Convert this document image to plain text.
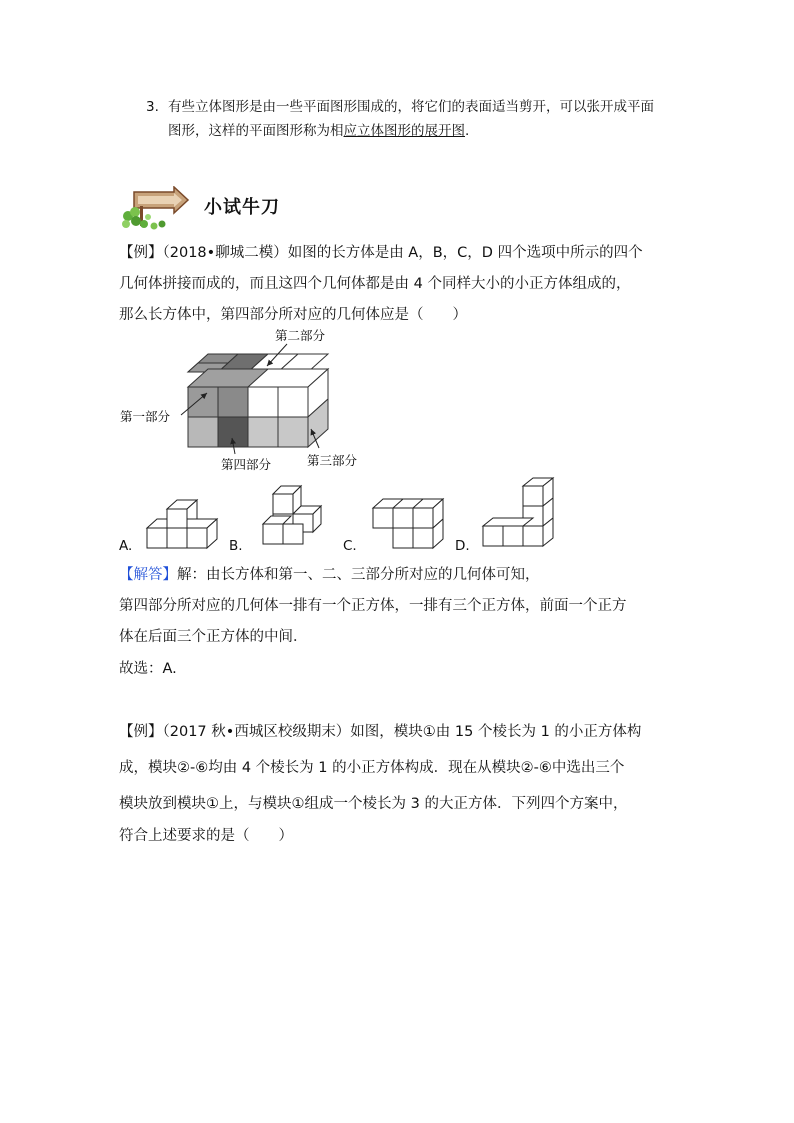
3. 有些立体图形是由一些平面图形围成的，将它们的表面适当剪开，可以张开成平面
图形，这样的平面图形称为相应立体图形的展开图.
小试牛刀
【例】（2018•聊城二模）如图的长方体是由 A，B，C，D 四个选项中所示的四个
几何体拼接而成的，而且这四个几何体都是由 4 个同样大小的小正方体组成的，
那么长方体中，第四部分所对应的几何体应是（　　）
第二部分
第一部分
第三部分
第四部分
A.	B.	C.	D.
【解答】解：由长方体和第一、二、三部分所对应的几何体可知，
第四部分所对应的几何体一排有一个正方体，一排有三个正方体，前面一个正方
体在后面三个正方体的中间．
故选：A.
【例】（2017 秋•西城区校级期末）如图，模块①由 15 个棱长为 1 的小正方体构
成，模块②-⑥均由 4 个棱长为 1 的小正方体构成．现在从模块②-⑥中选出三个
模块放到模块①上，与模块①组成一个棱长为 3 的大正方体．下列四个方案中，
符合上述要求的是（　　）
